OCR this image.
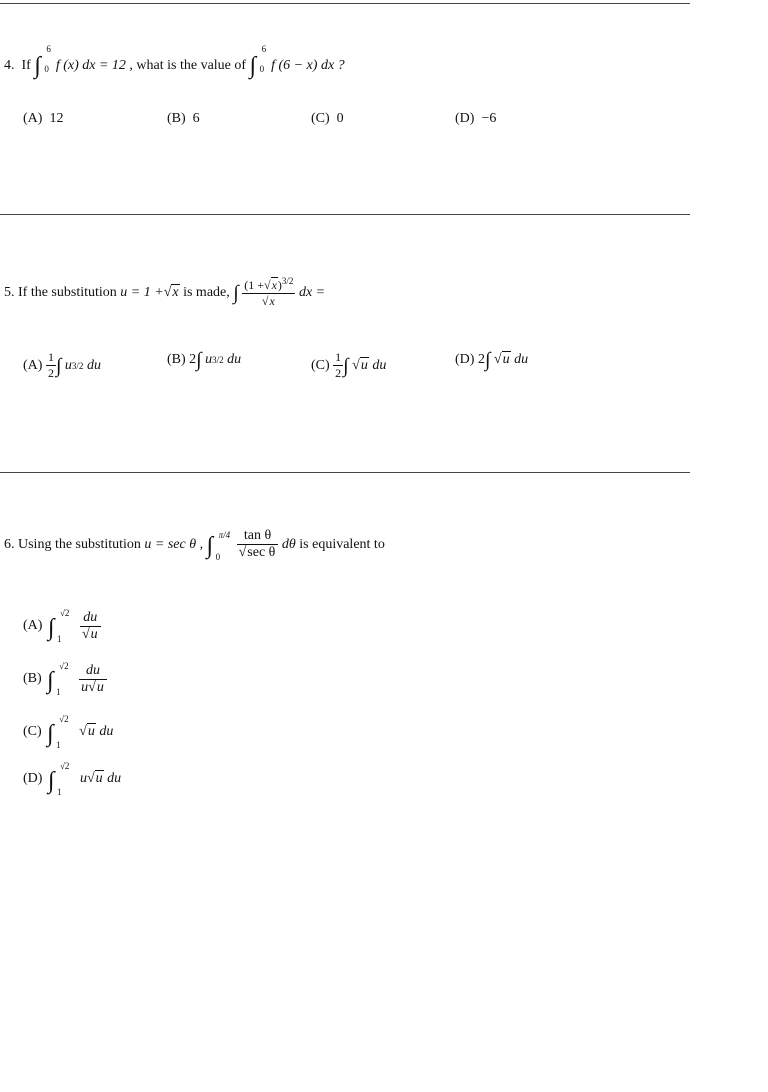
4. If ∫
6
0 f (x) dx = 12 , what is the value of ∫
6
0 f (6 − x) dx ?
(A) 12	(B) 6	(C) 0	(D) −6
5.
If the substitution
u = 1 + √x
is made,
∫
$\frac{(1 +√x)^{3/2}}{√x}$
dx =
(A)
$\frac{1}{2}$ ∫
u 3/2
du	(B)
2 ∫
u 3/2
du	(C)
$\frac{1}{2}$ ∫
√u
du	(D)
2 ∫
√u
du
6.
Using the substitution
u = sec θ ,
∫ π/4
$0 \frac{\text{tan θ}}{\text{√sec θ}}$
dθ
is equivalent to
(A)
∫
√2
$1 \frac{du}{√u}$
(B)
∫
√2
$1 \frac{du}{u√u}$
(C)
∫
√2
1
√u
du
(D)
∫
√2
1
u √u
du
